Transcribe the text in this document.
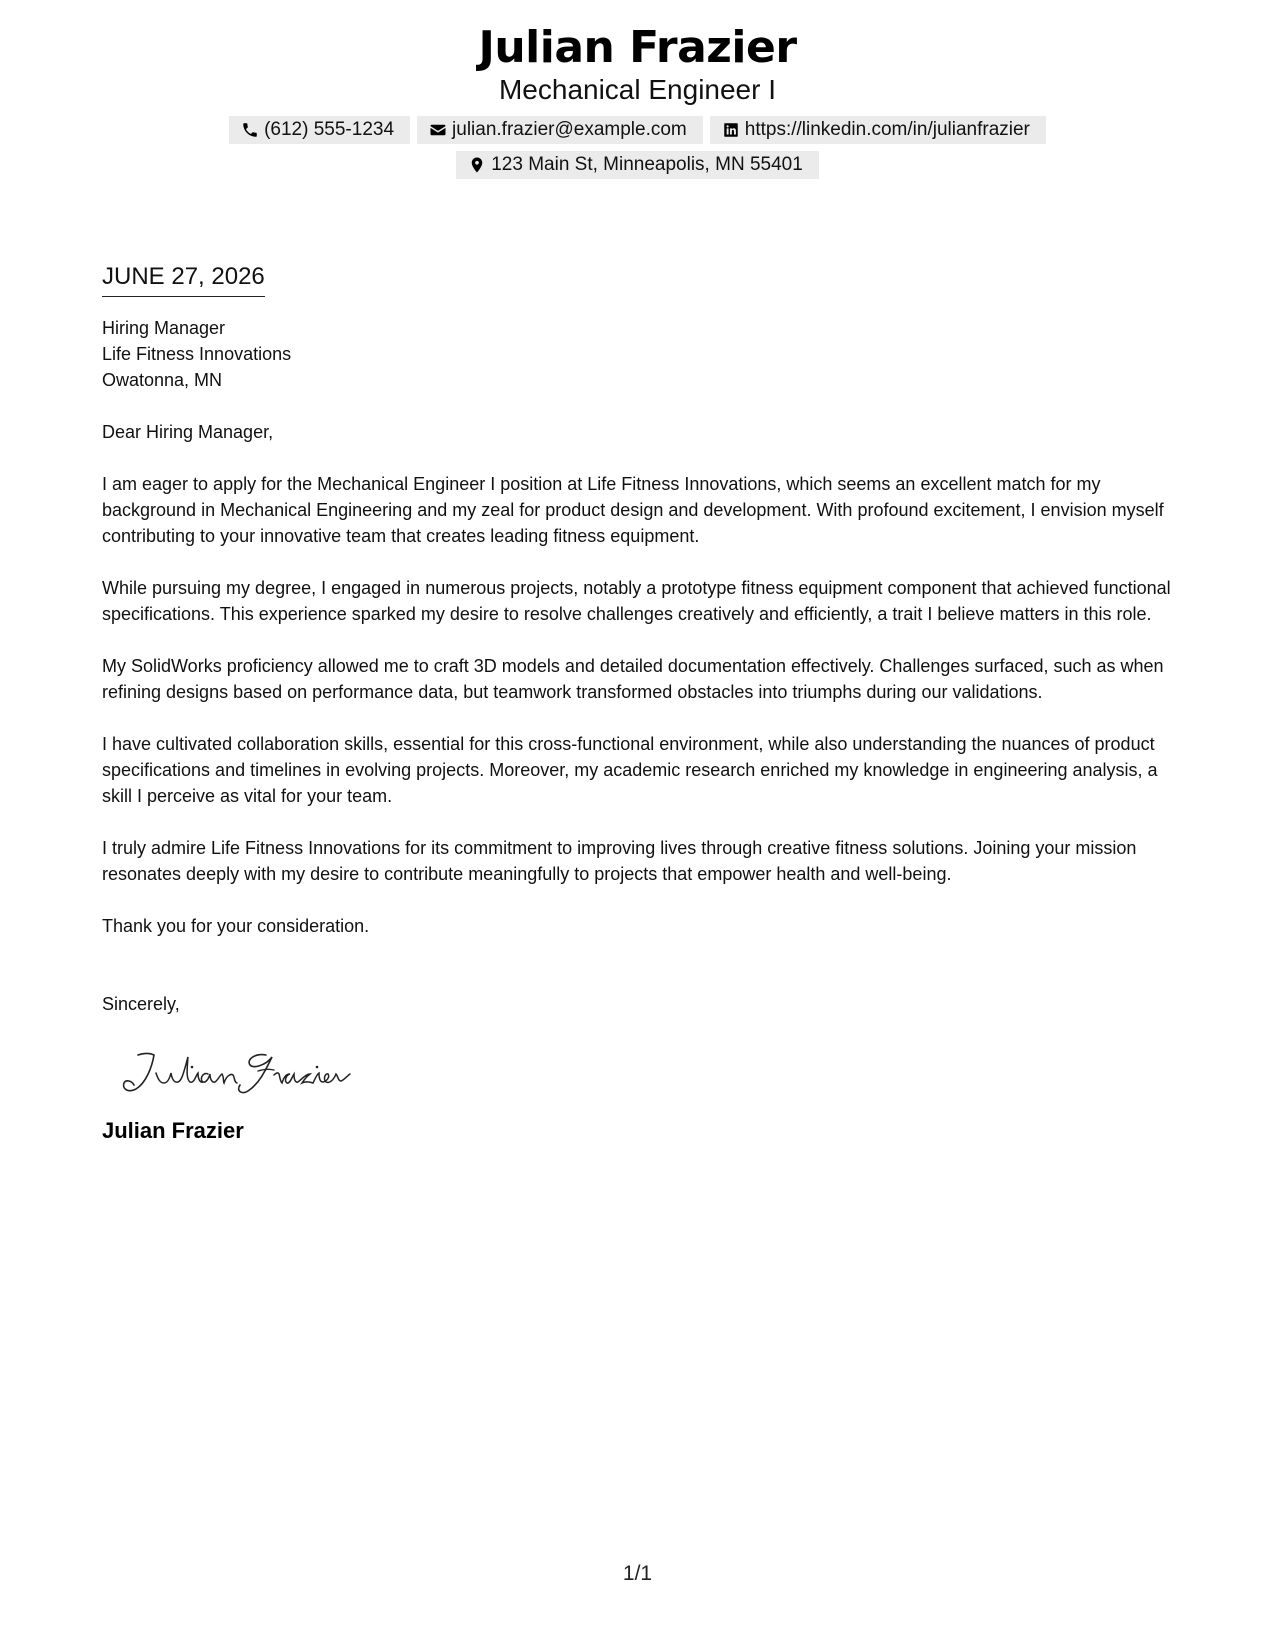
Julian Frazier
Mechanical Engineer I
(612) 555-1234	julian.frazier@example.com	https://linkedin.com/in/julianfrazier
123 Main St, Minneapolis, MN 55401
JUNE 27, 2026
Hiring Manager
Life Fitness Innovations
Owatonna, MN
Dear Hiring Manager,
I am eager to apply for the Mechanical Engineer I position at Life Fitness Innovations, which seems an excellent match for my background in Mechanical Engineering and my zeal for product design and development. With profound excitement, I envision myself contributing to your innovative team that creates leading fitness equipment.
While pursuing my degree, I engaged in numerous projects, notably a prototype fitness equipment component that achieved functional specifications. This experience sparked my desire to resolve challenges creatively and efficiently, a trait I believe matters in this role.
My SolidWorks proficiency allowed me to craft 3D models and detailed documentation effectively. Challenges surfaced, such as when refining designs based on performance data, but teamwork transformed obstacles into triumphs during our validations.
I have cultivated collaboration skills, essential for this cross-functional environment, while also understanding the nuances of product specifications and timelines in evolving projects. Moreover, my academic research enriched my knowledge in engineering analysis, a skill I perceive as vital for your team.
I truly admire Life Fitness Innovations for its commitment to improving lives through creative fitness solutions. Joining your mission resonates deeply with my desire to contribute meaningfully to projects that empower health and well-being.
Thank you for your consideration.
Sincerely,
Julian Frazier
1/1
